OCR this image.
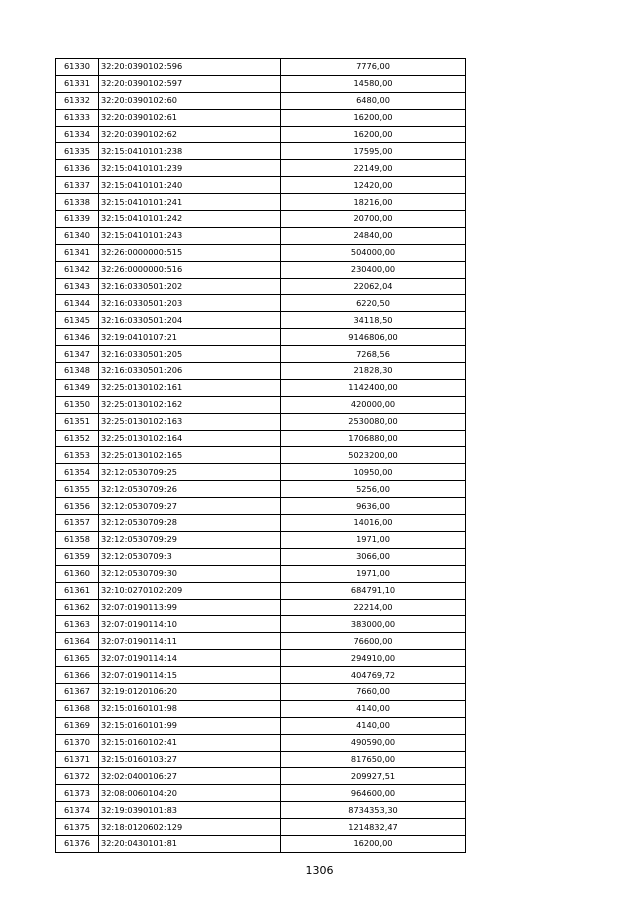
61330	32:20:0390102:596	7776,00
61331	32:20:0390102:597	14580,00
61332	32:20:0390102:60	6480,00
61333	32:20:0390102:61	16200,00
61334	32:20:0390102:62	16200,00
61335	32:15:0410101:238	17595,00
61336	32:15:0410101:239	22149,00
61337	32:15:0410101:240	12420,00
61338	32:15:0410101:241	18216,00
61339	32:15:0410101:242	20700,00
61340	32:15:0410101:243	24840,00
61341	32:26:0000000:515	504000,00
61342	32:26:0000000:516	230400,00
61343	32:16:0330501:202	22062,04
61344	32:16:0330501:203	6220,50
61345	32:16:0330501:204	34118,50
61346	32:19:0410107:21	9146806,00
61347	32:16:0330501:205	7268,56
61348	32:16:0330501:206	21828,30
61349	32:25:0130102:161	1142400,00
61350	32:25:0130102:162	420000,00
61351	32:25:0130102:163	2530080,00
61352	32:25:0130102:164	1706880,00
61353	32:25:0130102:165	5023200,00
61354	32:12:0530709:25	10950,00
61355	32:12:0530709:26	5256,00
61356	32:12:0530709:27	9636,00
61357	32:12:0530709:28	14016,00
61358	32:12:0530709:29	1971,00
61359	32:12:0530709:3	3066,00
61360	32:12:0530709:30	1971,00
61361	32:10:0270102:209	684791,10
61362	32:07:0190113:99	22214,00
61363	32:07:0190114:10	383000,00
61364	32:07:0190114:11	76600,00
61365	32:07:0190114:14	294910,00
61366	32:07:0190114:15	404769,72
61367	32:19:0120106:20	7660,00
61368	32:15:0160101:98	4140,00
61369	32:15:0160101:99	4140,00
61370	32:15:0160102:41	490590,00
61371	32:15:0160103:27	817650,00
61372	32:02:0400106:27	209927,51
61373	32:08:0060104:20	964600,00
61374	32:19:0390101:83	8734353,30
61375	32:18:0120602:129	1214832,47
61376	32:20:0430101:81	16200,00
1306
